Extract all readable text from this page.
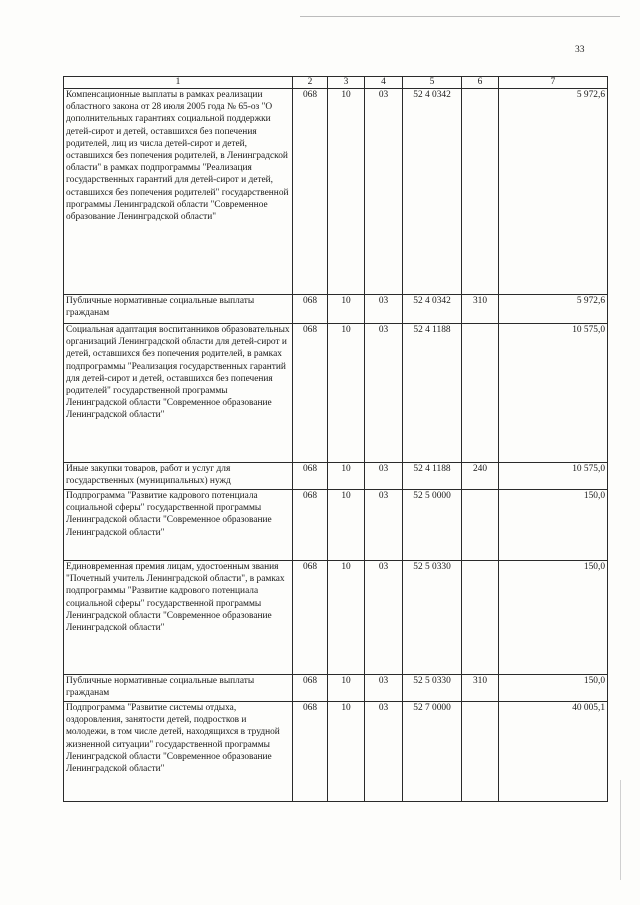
33
1	2	3	4	5	6	7
Компенсационные выплаты в рамках реализации областного закона от 28 июля 2005 года № 65-оз "О дополнительных гарантиях социальной поддержки детей-сирот и детей, оставшихся без попечения родителей, лиц из числа детей-сирот и детей, оставшихся без попечения родителей, в Ленинградской области" в рамках подпрограммы "Реализация государственных гарантий для детей-сирот и детей, оставшихся без попечения родителей" государственной программы Ленинградской области "Современное образование Ленинградской области"	068	10	03	52 4 0342		5 972,6
Публичные нормативные социальные выплаты гражданам	068	10	03	52 4 0342	310	5 972,6
Социальная адаптация воспитанников образовательных организаций Ленинградской области для детей-сирот и детей, оставшихся без попечения родителей, в рамках подпрограммы "Реализация государственных гарантий для детей-сирот и детей, оставшихся без попечения родителей" государственной программы Ленинградской области "Современное образование Ленинградской области"	068	10	03	52 4 1188		10 575,0
Иные закупки товаров, работ и услуг для государственных (муниципальных) нужд	068	10	03	52 4 1188	240	10 575,0
Подпрограмма "Развитие кадрового потенциала социальной сферы" государственной программы Ленинградской области "Современное образование Ленинградской области"	068	10	03	52 5 0000		150,0
Единовременная премия лицам, удостоенным звания "Почетный учитель Ленинградской области", в рамках подпрограммы "Развитие кадрового потенциала социальной сферы" государственной программы Ленинградской области "Современное образование Ленинградской области"	068	10	03	52 5 0330		150,0
Публичные нормативные социальные выплаты гражданам	068	10	03	52 5 0330	310	150,0
Подпрограмма "Развитие системы отдыха, оздоровления, занятости детей, подростков и молодежи, в том числе детей, находящихся в трудной жизненной ситуации" государственной программы Ленинградской области "Современное образование Ленинградской области"	068	10	03	52 7 0000		40 005,1
